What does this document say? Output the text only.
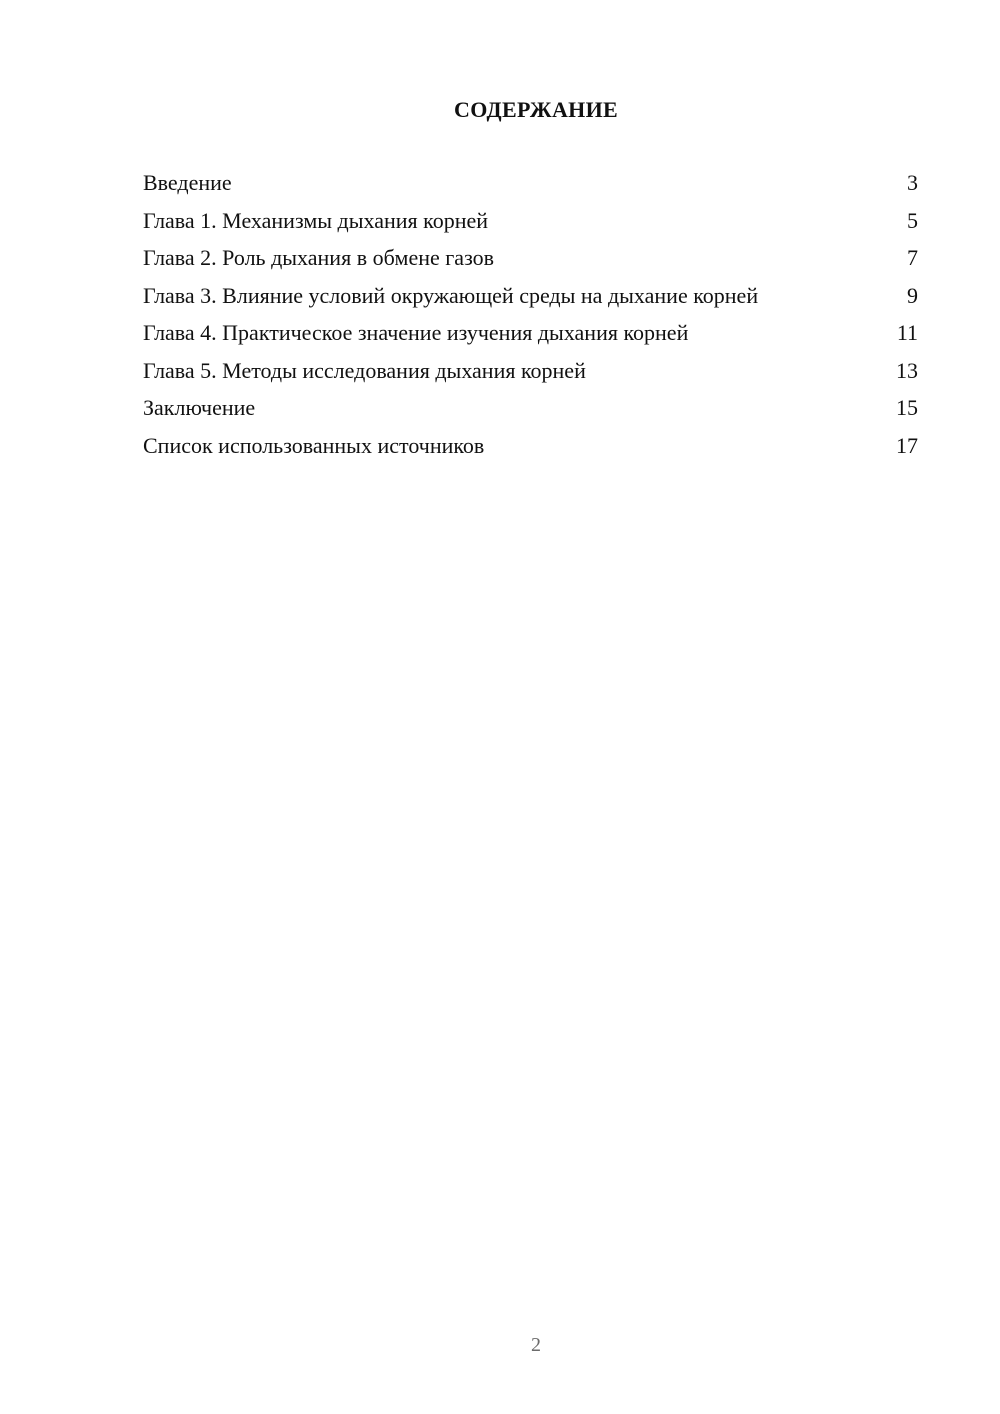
СОДЕРЖАНИЕ
Введение	3
Глава 1. Механизмы дыхания корней	5
Глава 2. Роль дыхания в обмене газов	7
Глава 3. Влияние условий окружающей среды на дыхание корней	9
Глава 4. Практическое значение изучения дыхания корней	11
Глава 5. Методы исследования дыхания корней	13
Заключение	15
Список использованных источников	17
2
